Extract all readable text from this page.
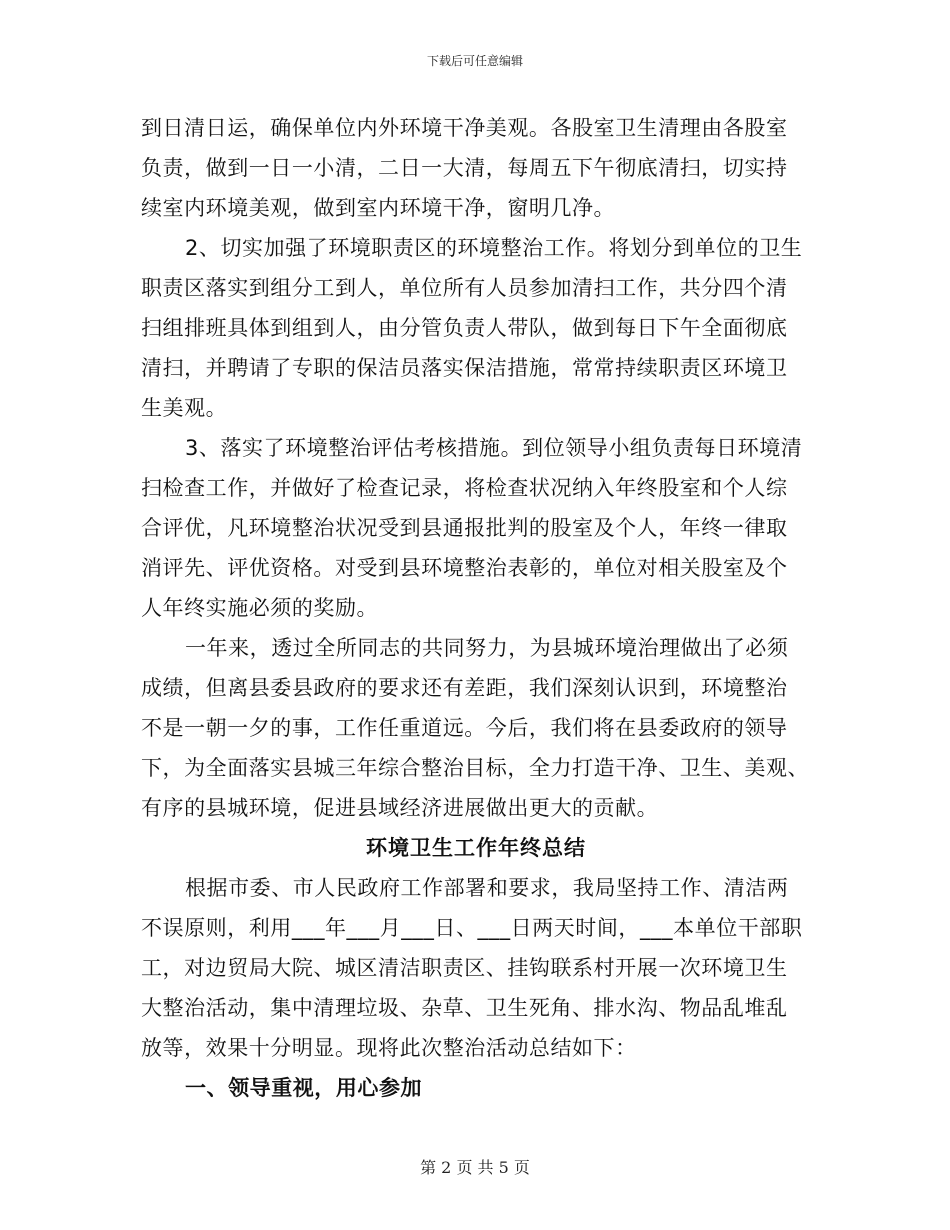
下载后可任意编辑
到日清日运，确保单位内外环境干净美观。各股室卫生清理由各股室
负责，做到一日一小清，二日一大清，每周五下午彻底清扫，切实持
续室内环境美观，做到室内环境干净，窗明几净。
2、切实加强了环境职责区的环境整治工作。将划分到单位的卫生
职责区落实到组分工到人，单位所有人员参加清扫工作，共分四个清
扫组排班具体到组到人，由分管负责人带队，做到每日下午全面彻底
清扫，并聘请了专职的保洁员落实保洁措施，常常持续职责区环境卫
生美观。
3、落实了环境整治评估考核措施。到位领导小组负责每日环境清
扫检查工作，并做好了检查记录，将检查状况纳入年终股室和个人综
合评优，凡环境整治状况受到县通报批判的股室及个人，年终一律取
消评先、评优资格。对受到县环境整治表彰的，单位对相关股室及个
人年终实施必须的奖励。
一年来，透过全所同志的共同努力，为县城环境治理做出了必须
成绩，但离县委县政府的要求还有差距，我们深刻认识到，环境整治
不是一朝一夕的事，工作任重道远。今后，我们将在县委政府的领导
下，为全面落实县城三年综合整治目标，全力打造干净、卫生、美观、
有序的县城环境，促进县域经济进展做出更大的贡献。
环境卫生工作年终总结
根据市委、市人民政府工作部署和要求，我局坚持工作、清洁两
不误原则，利用___年___月___日、___日两天时间，___本单位干部职
工，对边贸局大院、城区清洁职责区、挂钩联系村开展一次环境卫生
大整治活动，集中清理垃圾、杂草、卫生死角、排水沟、物品乱堆乱
放等，效果十分明显。现将此次整治活动总结如下：
一、领导重视，用心参加
第 2 页 共 5 页
